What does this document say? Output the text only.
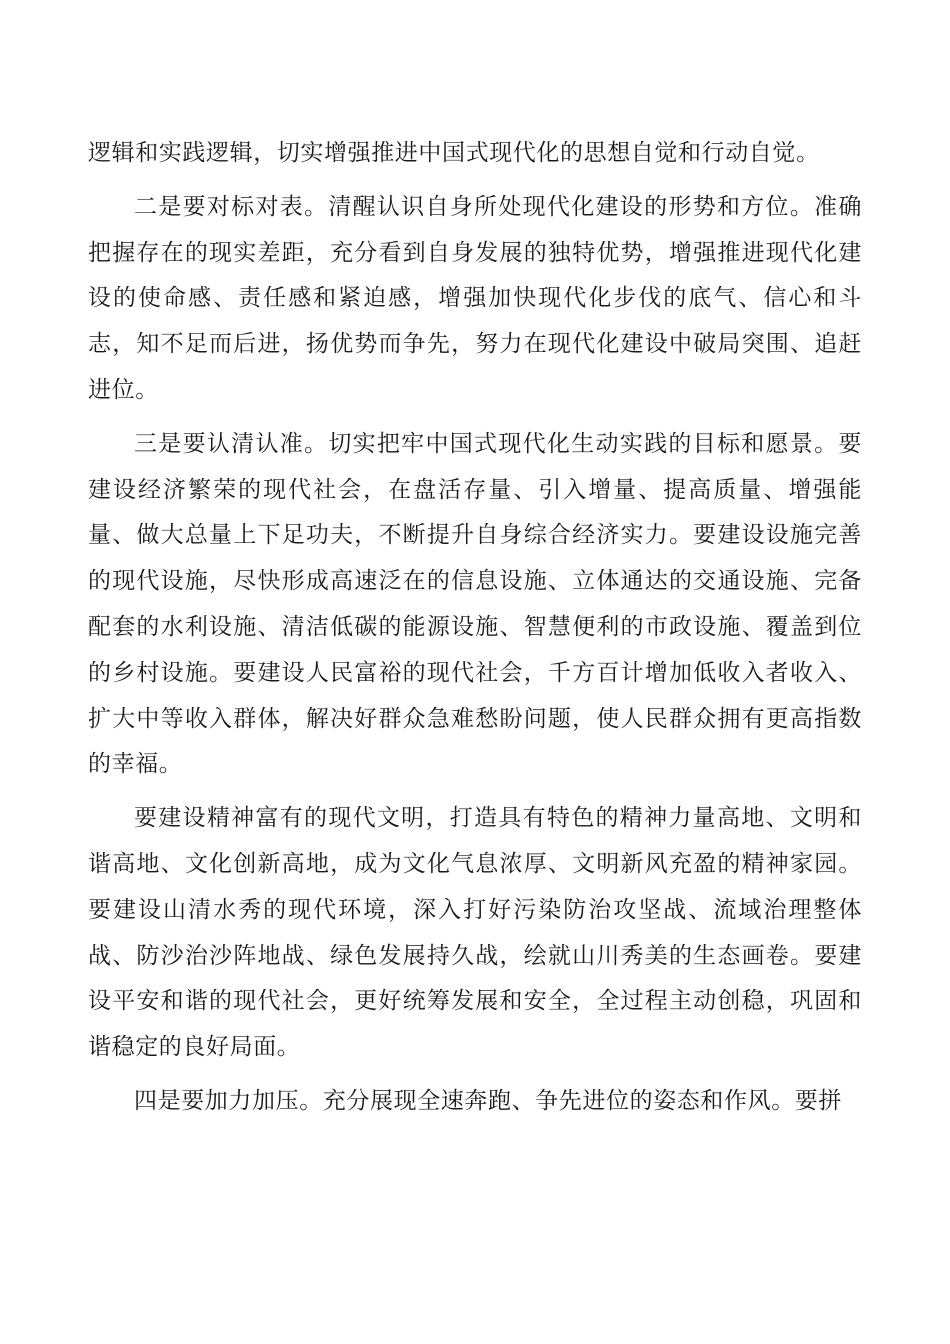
逻辑和实践逻辑，切实增强推进中国式现代化的思想自觉和行动自觉。

二是要对标对表。清醒认识自身所处现代化建设的形势和方位。准确把握存在的现实差距，充分看到自身发展的独特优势，增强推进现代化建设的使命感、责任感和紧迫感，增强加快现代化步伐的底气、信心和斗志，知不足而后进，扬优势而争先，努力在现代化建设中破局突围、追赶进位。

三是要认清认准。切实把牢中国式现代化生动实践的目标和愿景。要建设经济繁荣的现代社会，在盘活存量、引入增量、提高质量、增强能量、做大总量上下足功夫，不断提升自身综合经济实力。要建设设施完善的现代设施，尽快形成高速泛在的信息设施、立体通达的交通设施、完备配套的水利设施、清洁低碳的能源设施、智慧便利的市政设施、覆盖到位的乡村设施。要建设人民富裕的现代社会，千方百计增加低收入者收入、扩大中等收入群体，解决好群众急难愁盼问题，使人民群众拥有更高指数的幸福。

要建设精神富有的现代文明，打造具有特色的精神力量高地、文明和谐高地、文化创新高地，成为文化气息浓厚、文明新风充盈的精神家园。要建设山清水秀的现代环境，深入打好污染防治攻坚战、流域治理整体战、防沙治沙阵地战、绿色发展持久战，绘就山川秀美的生态画卷。要建设平安和谐的现代社会，更好统筹发展和安全，全过程主动创稳，巩固和谐稳定的良好局面。

四是要加力加压。充分展现全速奔跑、争先进位的姿态和作风。要拼
